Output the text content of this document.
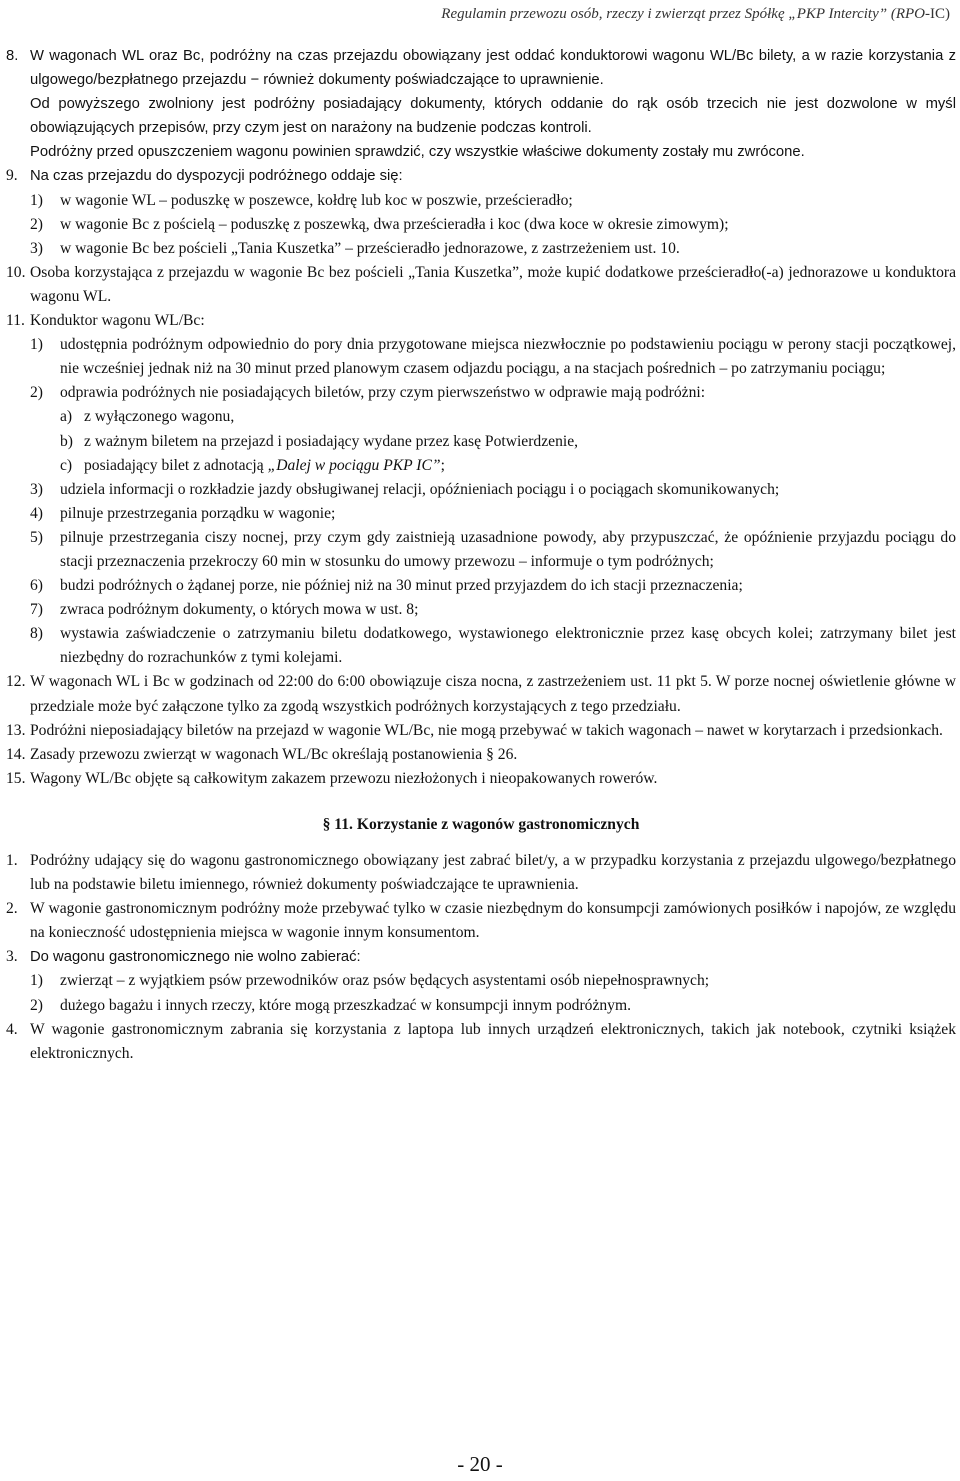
Regulamin przewozu osób, rzeczy i zwierząt przez Spółkę „PKP Intercity” (RPO-IC)
8. W wagonach WL oraz Bc, podróżny na czas przejazdu obowiązany jest oddać konduktorowi wagonu WL/Bc bilety, a w razie korzystania z ulgowego/bezpłatnego przejazdu − również dokumenty poświadczające to uprawnienie.
Od powyższego zwolniony jest podróżny posiadający dokumenty, których oddanie do rąk osób trzecich nie jest dozwolone w myśl obowiązujących przepisów, przy czym jest on narażony na budzenie podczas kontroli.
Podróżny przed opuszczeniem wagonu powinien sprawdzić, czy wszystkie właściwe dokumenty zostały mu zwrócone.
9. Na czas przejazdu do dyspozycji podróżnego oddaje się:
1) w wagonie WL – poduszkę w poszewce, kołdrę lub koc w poszwie, prześcieradło;
2) w wagonie Bc z pościelą – poduszkę z poszewką, dwa prześcieradła i koc (dwa koce w okresie zimowym);
3) w wagonie Bc bez pościeli „Tania Kuszetka” – prześcieradło jednorazowe, z zastrzeżeniem ust. 10.
10. Osoba korzystająca z przejazdu w wagonie Bc bez pościeli „Tania Kuszetka”, może kupić dodatkowe prześcieradło(-a) jednorazowe u konduktora wagonu WL.
11. Konduktor wagonu WL/Bc:
1) udostępnia podróżnym odpowiednio do pory dnia przygotowane miejsca niezwłocznie po podstawieniu pociągu w perony stacji początkowej, nie wcześniej jednak niż na 30 minut przed planowym czasem odjazdu pociągu, a na stacjach pośrednich – po zatrzymaniu pociągu;
2) odprawia podróżnych nie posiadających biletów, przy czym pierwszeństwo w odprawie mają podróżni:
a) z wyłączonego wagonu,
b) z ważnym biletem na przejazd i posiadający wydane przez kasę Potwierdzenie,
c) posiadający bilet z adnotacją „Dalej w pociągu PKP IC”;
3) udziela informacji o rozkładzie jazdy obsługiwanej relacji, opóźnieniach pociągu i o pociągach skomunikowanych;
4) pilnuje przestrzegania porządku w wagonie;
5) pilnuje przestrzegania ciszy nocnej, przy czym gdy zaistnieją uzasadnione powody, aby przypuszczać, że opóźnienie przyjazdu pociągu do stacji przeznaczenia przekroczy 60 min w stosunku do umowy przewozu – informuje o tym podróżnych;
6) budzi podróżnych o żądanej porze, nie później niż na 30 minut przed przyjazdem do ich stacji przeznaczenia;
7) zwraca podróżnym dokumenty, o których mowa w ust. 8;
8) wystawia zaświadczenie o zatrzymaniu biletu dodatkowego, wystawionego elektronicznie przez kasę obcych kolei; zatrzymany bilet jest niezbędny do rozrachunków z tymi kolejami.
12. W wagonach WL i Bc w godzinach od 22:00 do 6:00 obowiązuje cisza nocna, z zastrzeżeniem ust. 11 pkt 5. W porze nocnej oświetlenie główne w przedziale może być załączone tylko za zgodą wszystkich podróżnych korzystających z tego przedziału.
13. Podróżni nieposiadający biletów na przejazd w wagonie WL/Bc, nie mogą przebywać w takich wagonach – nawet w korytarzach i przedsionkach.
14. Zasady przewozu zwierząt w wagonach WL/Bc określają postanowienia § 26.
15. Wagony WL/Bc objęte są całkowitym zakazem przewozu niezłożonych i nieopakowanych rowerów.
§ 11. Korzystanie z wagonów gastronomicznych
1. Podróżny udający się do wagonu gastronomicznego obowiązany jest zabrać bilet/y, a w przypadku korzystania z przejazdu ulgowego/bezpłatnego lub na podstawie biletu imiennego, również dokumenty poświadczające te uprawnienia.
2. W wagonie gastronomicznym podróżny może przebywać tylko w czasie niezbędnym do konsumpcji zamówionych posiłków i napojów, ze względu na konieczność udostępnienia miejsca w wagonie innym konsumentom.
3. Do wagonu gastronomicznego nie wolno zabierać:
1) zwierząt – z wyjątkiem psów przewodników oraz psów będących asystentami osób niepełnosprawnych;
2) dużego bagażu i innych rzeczy, które mogą przeszkadzać w konsumpcji innym podróżnym.
4. W wagonie gastronomicznym zabrania się korzystania z laptopa lub innych urządzeń elektronicznych, takich jak notebook, czytniki książek elektronicznych.
- 20 -
